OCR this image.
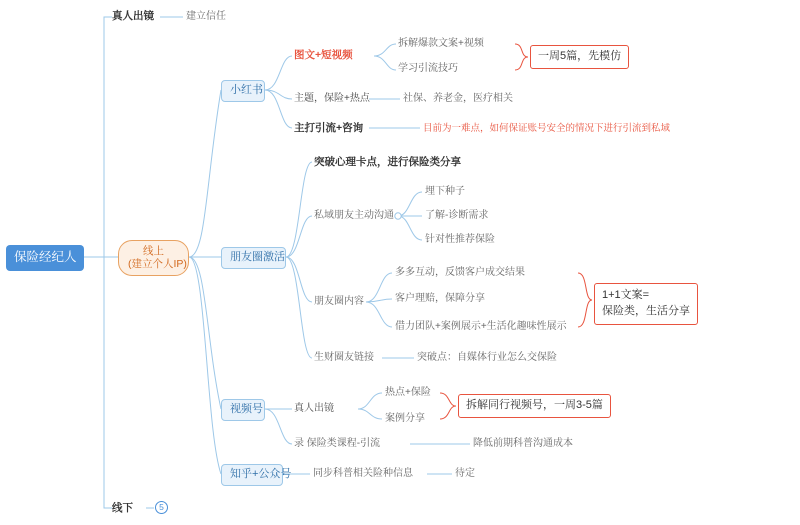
保险经纪人
真人出镜	建立信任
线上
(建立个人IP)
小红书
图文+短视频
拆解爆款文案+视频
学习引流技巧
一周5篇，先模仿
主题，保险+热点	社保、养老金，医疗相关
主打引流+咨询	目前为一难点，如何保证账号安全的情况下进行引流到私域
朋友圈激活
突破心理卡点，进行保险类分享
私域朋友主动沟通
埋下种子
了解-诊断需求
针对性推荐保险
朋友圈内容
多多互动，反馈客户成交结果
客户理赔，保障分享
借力团队+案例展示+生活化趣味性展示
1+1文案=
保险类，生活分享
生财圈友链接	突破点：自媒体行业怎么交保险
视频号	真人出镜
热点+保险
案例分享
拆解同行视频号，一周3-5篇
录 保险类课程-引流	降低前期科普沟通成本
知乎+公众号 同步科普相关险种信息	待定
线下	5
